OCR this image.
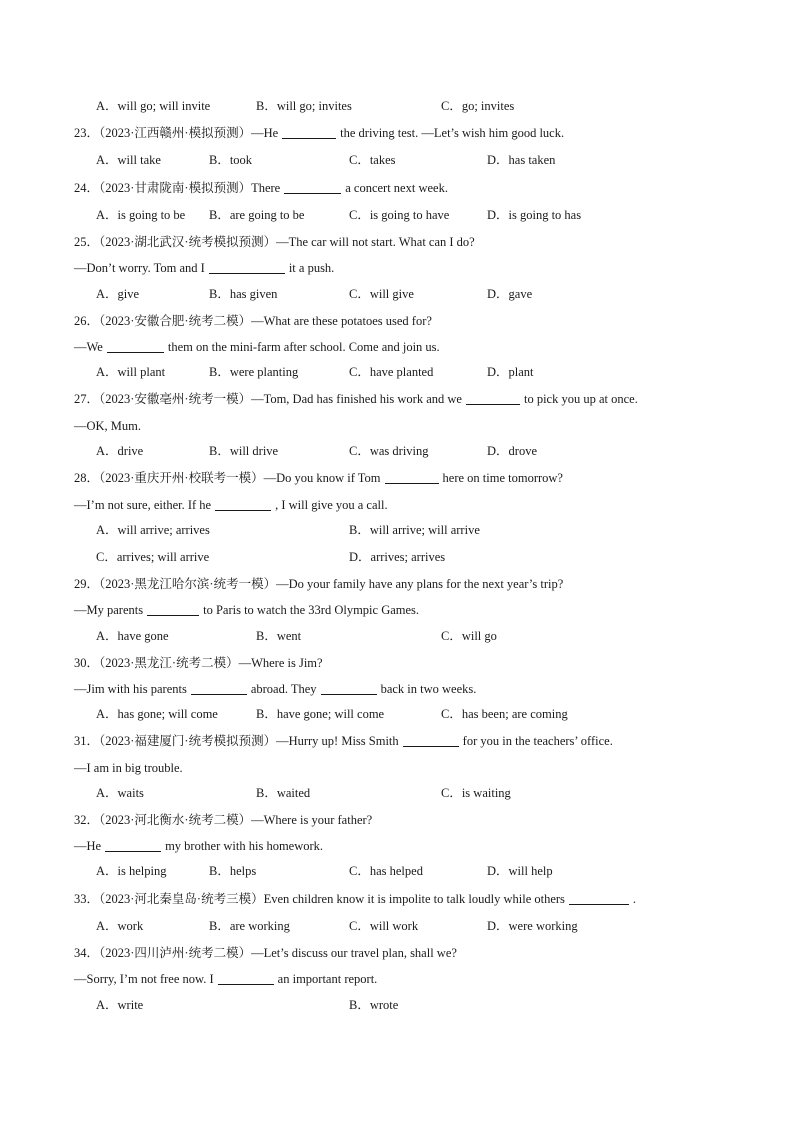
A．will go; will invite	B．will go; invites	C．go; invites
23．（2023·江西赣州·模拟预测）—He	the driving test. —Let’s wish him good luck.
A．will take	B．took	C．takes	D．has taken
24．（2023·甘肃陇南·模拟预测）There	a concert next week.
A．is going to be B．are going to be	C．is going to have	D．is going to has
25．（2023·湖北武汉·统考模拟预测）—The car will not start. What can I do?
—Don’t worry. Tom and I	it a push.
A．give	B．has given	C．will give	D．gave
26．（2023·安徽合肥·统考二模）—What are these potatoes used for?
—We	them on the mini-farm after school. Come and join us.
A．will plant	B．were planting	C．have planted	D．plant
27．（2023·安徽亳州·统考一模）—Tom, Dad has finished his work and we	to pick you up at once.
—OK, Mum.
A．drive	B．will drive	C．was driving	D．drove
28．（2023·重庆开州·校联考一模）—Do you know if Tom	here on time tomorrow?
—I’m not sure, either. If he	, I will give you a call.
A．will arrive; arrives	B．will arrive; will arrive
C．arrives; will arrive	D．arrives; arrives
29．（2023·黑龙江哈尔滨·统考一模）—Do your family have any plans for the next year’s trip?
—My parents	to Paris to watch the 33rd Olympic Games.
A．have gone	B．went	C．will go
30．（2023·黑龙江·统考二模）—Where is Jim?
—Jim with his parents	abroad. They	back in two weeks.
A．has gone; will come	B．have gone; will come	C．has been; are coming
31．（2023·福建厦门·统考模拟预测）—Hurry up! Miss Smith	for you in the teachers’ office.
—I am in big trouble.
A．waits	B．waited	C．is waiting
32．（2023·河北衡水·统考二模）—Where is your father?
—He	my brother with his homework.
A．is helping	B．helps	C．has helped	D．will help
33．（2023·河北秦皇岛·统考三模）Even children know it is impolite to talk loudly while others	.
A．work	B．are working	C．will work	D．were working
34．（2023·四川泸州·统考二模）—Let’s discuss our travel plan, shall we?
—Sorry, I’m not free now. I	an important report.
A．write	B．wrote
